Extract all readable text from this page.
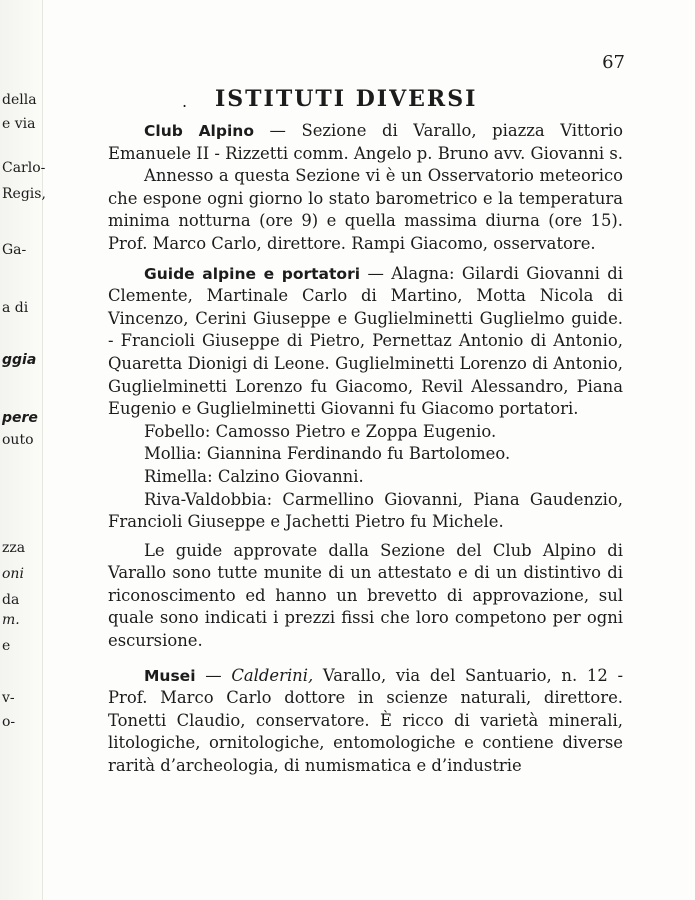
della
e via
Carlo-
Regis,
Ga-
a di
ggia
pere
outo
zza
oni
da
m.
e
v-
o-
67
. ISTITUTI DIVERSI

Club Alpino — Sezione di Varallo, piazza Vittorio Emanuele II - Rizzetti comm. Angelo p. Bruno avv. Giovanni s.

Annesso a questa Sezione vi è un Osservatorio meteorico che espone ogni giorno lo stato barometrico e la temperatura minima notturna (ore 9) e quella massima diurna (ore 15). Prof. Marco Carlo, direttore. Rampi Giacomo, osservatore.

Guide alpine e portatori — Alagna: Gilardi Giovanni di Clemente, Martinale Carlo di Martino, Motta Nicola di Vincenzo, Cerini Giuseppe e Guglielminetti Guglielmo guide. - Francioli Giuseppe di Pietro, Pernettaz Antonio di Antonio, Quaretta Dionigi di Leone. Guglielminetti Lorenzo di Antonio, Guglielminetti Lorenzo fu Giacomo, Revil Alessandro, Piana Eugenio e Guglielminetti Giovanni fu Giacomo portatori.

Fobello: Camosso Pietro e Zoppa Eugenio.

Mollia: Giannina Ferdinando fu Bartolomeo.

Rimella: Calzino Giovanni.

Riva-Valdobbia: Carmellino Giovanni, Piana Gaudenzio, Francioli Giuseppe e Jachetti Pietro fu Michele.

Le guide approvate dalla Sezione del Club Alpino di Varallo sono tutte munite di un attestato e di un distintivo di riconoscimento ed hanno un brevetto di approvazione, sul quale sono indicati i prezzi fissi che loro competono per ogni escursione.

Musei — Calderini, Varallo, via del Santuario, n. 12 - Prof. Marco Carlo dottore in scienze naturali, direttore. Tonetti Claudio, conservatore. È ricco di varietà minerali, litologiche, ornitologiche, entomologiche e contiene diverse rarità d’archeologia, di numismatica e d’industrie
